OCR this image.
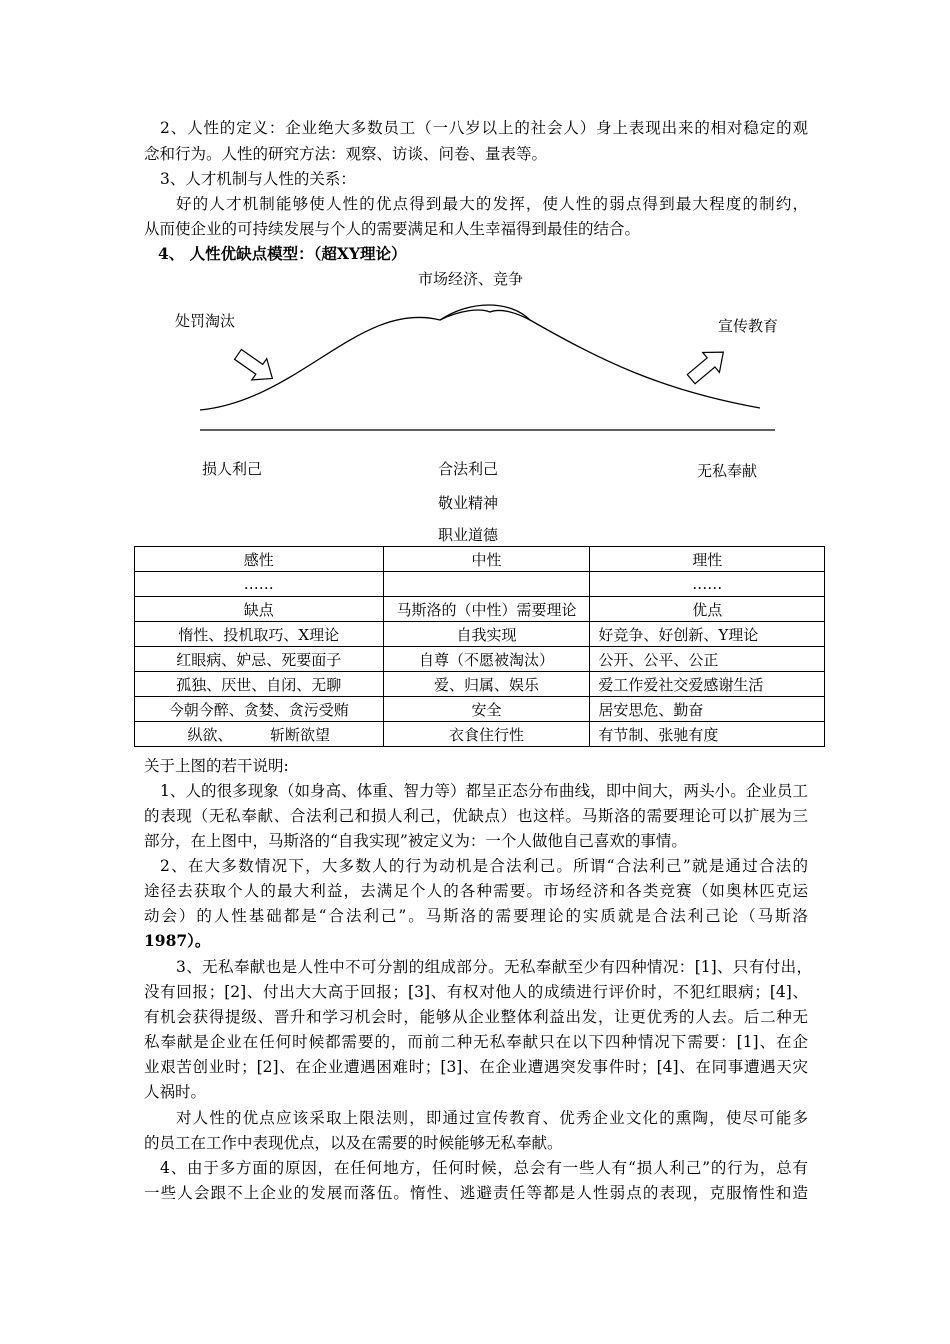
2、人性的定义：企业绝大多数员工（一八岁以上的社会人）身上表现出来的相对稳定的观
念和行为。人性的研究方法：观察、访谈、问卷、量表等。
3、人才机制与人性的关系：
好的人才机制能够使人性的优点得到最大的发挥，使人性的弱点得到最大程度的制约，
从而使企业的可持续发展与个人的需要满足和人生幸福得到最佳的结合。
4、 人性优缺点模型：（超XY理论）
市场经济、竞争
处罚淘汰	宣传教育
损人利己	合法利己	无私奉献
敬业精神
职业道德
感性	中性	理性
……		……
缺点	马斯洛的（中性）需要理论	优点
惰性、投机取巧、X理论	自我实现	好竞争、好创新、Y理论
红眼病、妒忌、死要面子	自尊（不愿被淘汰）	公开、公平、公正
孤独、厌世、自闭、无聊	爱、归属、娱乐	爱工作爱社交爱感谢生活
今朝今醉、贪婪、贪污受贿	安全	居安思危、勤奋
纵欲、　　　斩断欲望	衣食住行性	有节制、张驰有度
关于上图的若干说明:
1、人的很多现象（如身高、体重、智力等）都呈正态分布曲线，即中间大，两头小。企业员工
的表现（无私奉献、合法利己和损人利己，优缺点）也这样。马斯洛的需要理论可以扩展为三
部分，在上图中，马斯洛的“自我实现”被定义为：一个人做他自己喜欢的事情。
2、在大多数情况下，大多数人的行为动机是合法利己。所谓“合法利己”就是通过合法的
途径去获取个人的最大利益，去满足个人的各种需要。市场经济和各类竞赛（如奥林匹克运
动会）的人性基础都是“合法利己”。马斯洛的需要理论的实质就是合法利己论（马斯洛
1987）。
3、无私奉献也是人性中不可分割的组成部分。无私奉献至少有四种情况：[1]、只有付出，
没有回报；[2]、付出大大高于回报；[3]、有权对他人的成绩进行评价时，不犯红眼病；[4]、
有机会获得提级、晋升和学习机会时，能够从企业整体利益出发，让更优秀的人去。后二种无
私奉献是企业在任何时候都需要的，而前二种无私奉献只在以下四种情况下需要：[1]、在企
业艰苦创业时；[2]、在企业遭遇困难时；[3]、在企业遭遇突发事件时；[4]、在同事遭遇天灾
人祸时。
对人性的优点应该采取上限法则，即通过宣传教育、优秀企业文化的熏陶，使尽可能多
的员工在工作中表现优点，以及在需要的时候能够无私奉献。
4、由于多方面的原因，在任何地方，任何时候，总会有一些人有“损人利己”的行为，总有
一些人会跟不上企业的发展而落伍。惰性、逃避责任等都是人性弱点的表现，克服惰性和造
